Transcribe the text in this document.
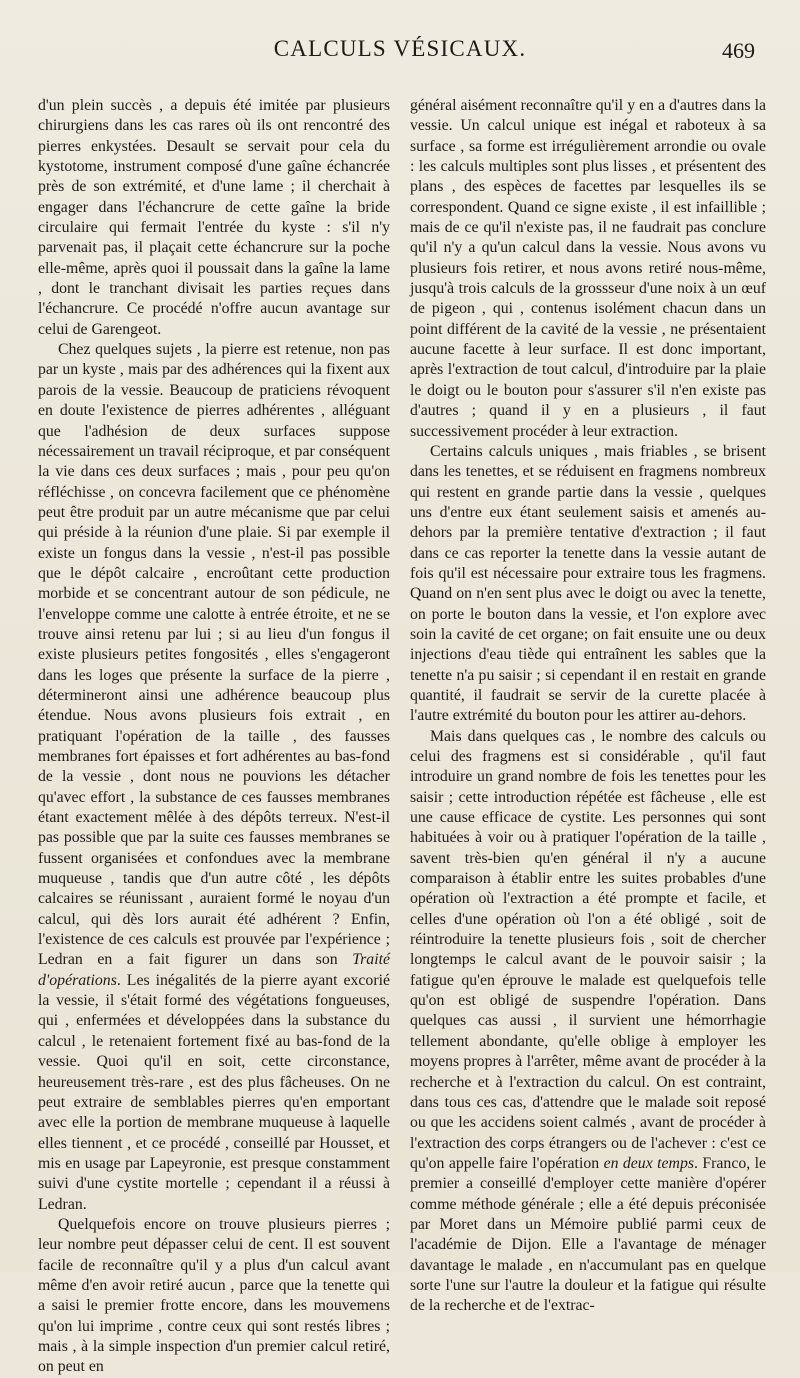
CALCULS VÉSICAUX.	469

d'un plein succès , a depuis été imitée par plusieurs chirurgiens dans les cas rares où ils ont rencontré des pierres enkystées. Desault se servait pour cela du kystotome, instrument composé d'une gaîne échancrée près de son extrémité, et d'une lame ; il cherchait à engager dans l'échancrure de cette gaîne la bride circulaire qui fermait l'entrée du kyste : s'il n'y parvenait pas, il plaçait cette échancrure sur la poche elle-même, après quoi il poussait dans la gaîne la lame , dont le tranchant divisait les parties reçues dans l'échancrure. Ce procédé n'offre aucun avantage sur celui de Garengeot.

Chez quelques sujets , la pierre est retenue, non pas par un kyste , mais par des adhérences qui la fixent aux parois de la vessie. Beaucoup de praticiens révoquent en doute l'existence de pierres adhérentes , alléguant que l'adhésion de deux surfaces suppose nécessairement un travail réciproque, et par conséquent la vie dans ces deux surfaces ; mais , pour peu qu'on réfléchisse , on concevra facilement que ce phénomène peut être produit par un autre mécanisme que par celui qui préside à la réunion d'une plaie. Si par exemple il existe un fongus dans la vessie , n'est-il pas possible que le dépôt calcaire , encroûtant cette production morbide et se concentrant autour de son pédicule, ne l'enveloppe comme une calotte à entrée étroite, et ne se trouve ainsi retenu par lui ; si au lieu d'un fongus il existe plusieurs petites fongosités , elles s'engageront dans les loges que présente la surface de la pierre , détermineront ainsi une adhérence beaucoup plus étendue. Nous avons plusieurs fois extrait , en pratiquant l'opération de la taille , des fausses membranes fort épaisses et fort adhérentes au bas-fond de la vessie , dont nous ne pouvions les détacher qu'avec effort , la substance de ces fausses membranes étant exactement mêlée à des dépôts terreux. N'est-il pas possible que par la suite ces fausses membranes se fussent organisées et confondues avec la membrane muqueuse , tandis que d'un autre côté , les dépôts calcaires se réunissant , auraient formé le noyau d'un calcul, qui dès lors aurait été adhérent ? Enfin, l'existence de ces calculs est prouvée par l'expérience ; Ledran en a fait figurer un dans son Traité d'opérations. Les inégalités de la pierre ayant excorié la vessie, il s'était formé des végétations fongueuses, qui , enfermées et développées dans la substance du calcul , le retenaient fortement fixé au bas-fond de la vessie. Quoi qu'il en soit, cette circonstance, heureusement très-rare , est des plus fâcheuses. On ne peut extraire de semblables pierres qu'en emportant avec elle la portion de membrane muqueuse à laquelle elles tiennent , et ce procédé , conseillé par Housset, et mis en usage par Lapeyronie, est presque constamment suivi d'une cystite mortelle ; cependant il a réussi à Ledran.

Quelquefois encore on trouve plusieurs pierres ; leur nombre peut dépasser celui de cent. Il est souvent facile de reconnaître qu'il y a plus d'un calcul avant même d'en avoir retiré aucun , parce que la tenette qui a saisi le premier frotte encore, dans les mouvemens qu'on lui imprime , contre ceux qui sont restés libres ; mais , à la simple inspection d'un premier calcul retiré, on peut en

général aisément reconnaître qu'il y en a d'autres dans la vessie. Un calcul unique est inégal et raboteux à sa surface , sa forme est irrégulièrement arrondie ou ovale : les calculs multiples sont plus lisses , et présentent des plans , des espèces de facettes par lesquelles ils se correspondent. Quand ce signe existe , il est infaillible ; mais de ce qu'il n'existe pas, il ne faudrait pas conclure qu'il n'y a qu'un calcul dans la vessie. Nous avons vu plusieurs fois retirer, et nous avons retiré nous-même, jusqu'à trois calculs de la grossseur d'une noix à un œuf de pigeon , qui , contenus isolément chacun dans un point différent de la cavité de la vessie , ne présentaient aucune facette à leur surface. Il est donc important, après l'extraction de tout calcul, d'introduire par la plaie le doigt ou le bouton pour s'assurer s'il n'en existe pas d'autres ; quand il y en a plusieurs , il faut successivement procéder à leur extraction.

Certains calculs uniques , mais friables , se brisent dans les tenettes, et se réduisent en fragmens nombreux qui restent en grande partie dans la vessie , quelques uns d'entre eux étant seulement saisis et amenés au-dehors par la première tentative d'extraction ; il faut dans ce cas reporter la tenette dans la vessie autant de fois qu'il est nécessaire pour extraire tous les fragmens. Quand on n'en sent plus avec le doigt ou avec la tenette, on porte le bouton dans la vessie, et l'on explore avec soin la cavité de cet organe; on fait ensuite une ou deux injections d'eau tiède qui entraînent les sables que la tenette n'a pu saisir ; si cependant il en restait en grande quantité, il faudrait se servir de la curette placée à l'autre extrémité du bouton pour les attirer au-dehors.

Mais dans quelques cas , le nombre des calculs ou celui des fragmens est si considérable , qu'il faut introduire un grand nombre de fois les tenettes pour les saisir ; cette introduction répétée est fâcheuse , elle est une cause efficace de cystite. Les personnes qui sont habituées à voir ou à pratiquer l'opération de la taille , savent très-bien qu'en général il n'y a aucune comparaison à établir entre les suites probables d'une opération où l'extraction a été prompte et facile, et celles d'une opération où l'on a été obligé , soit de réintroduire la tenette plusieurs fois , soit de chercher longtemps le calcul avant de le pouvoir saisir ; la fatigue qu'en éprouve le malade est quelquefois telle qu'on est obligé de suspendre l'opération. Dans quelques cas aussi , il survient une hémorrhagie tellement abondante, qu'elle oblige à employer les moyens propres à l'arrêter, même avant de procéder à la recherche et à l'extraction du calcul. On est contraint, dans tous ces cas, d'attendre que le malade soit reposé ou que les accidens soient calmés , avant de procéder à l'extraction des corps étrangers ou de l'achever : c'est ce qu'on appelle faire l'opération en deux temps. Franco, le premier a conseillé d'employer cette manière d'opérer comme méthode générale ; elle a été depuis préconisée par Moret dans un Mémoire publié parmi ceux de l'académie de Dijon. Elle a l'avantage de ménager davantage le malade , en n'accumulant pas en quelque sorte l'une sur l'autre la douleur et la fatigue qui résulte de la recherche et de l'extrac-
